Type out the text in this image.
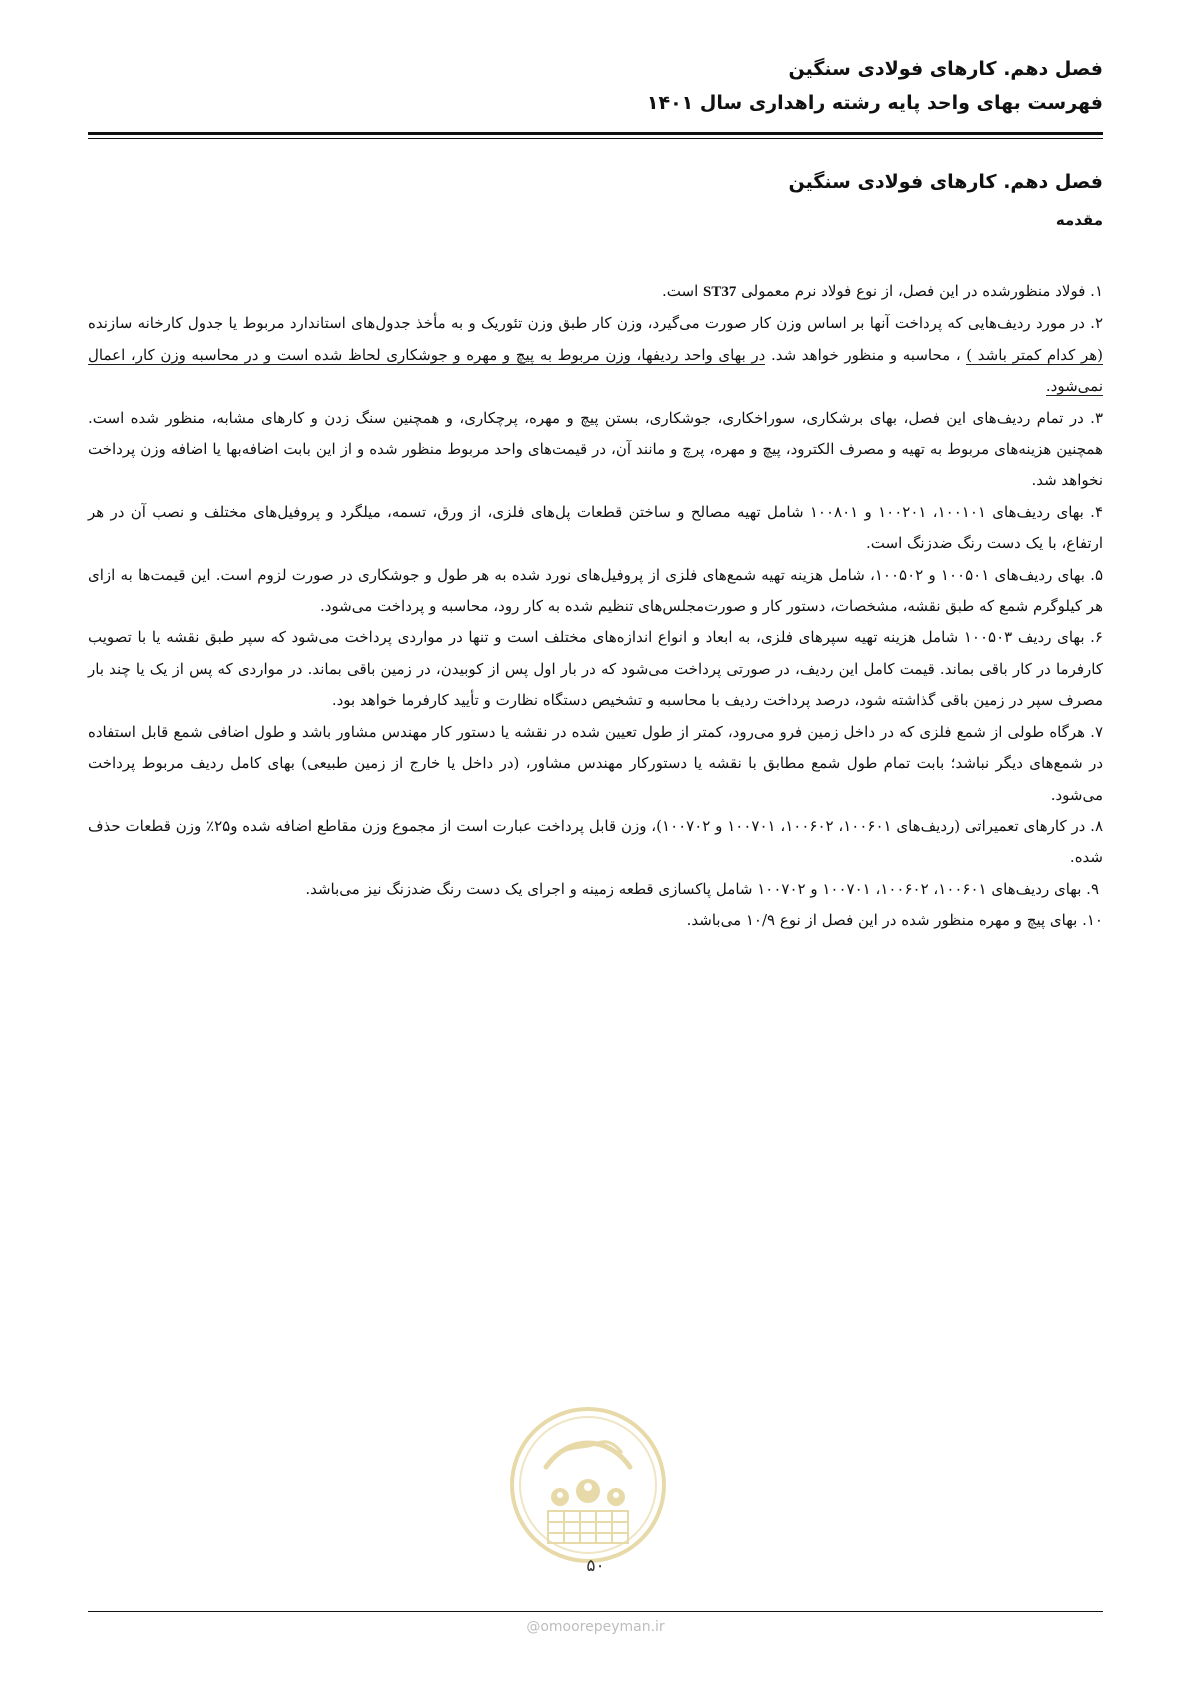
فصل دهم. کارهای فولادی سنگین
فهرست بهای واحد پایه رشته راهداری سال ۱۴۰۱
فصل دهم. کارهای فولادی سنگین
مقدمه

۱. فولاد منظورشده در این فصل، از نوع فولاد نرم معمولی ST37 است.

۲. در مورد ردیف‌هایی که پرداخت آنها بر اساس وزن کار صورت می‌گیرد، وزن کار طبق وزن تئوریک و به مأخذ جدول‌های استاندارد مربوط یا جدول کارخانه سازنده (هر کدام کمتر باشد ) ، محاسبه و منظور خواهد شد. در بهای واحد ردیفها، وزن مربوط به پیچ و مهره و جوشکاری لحاظ شده است و در محاسبه وزن کار، اعمال نمی‌شود.

۳. در تمام ردیف‌های این فصل، بهای برشکاری، سوراخکاری، جوشکاری، بستن پیچ و مهره، پرچکاری، و همچنین سنگ زدن و کارهای مشابه، منظور شده است. همچنین هزینه‌های مربوط به تهیه و مصرف الکترود، پیچ و مهره، پرچ و مانند آن، در قیمت‌های واحد مربوط منظور شده و از این بابت اضافه‌بها یا اضافه وزن پرداخت نخواهد شد.

۴. بهای ردیف‌های ۱۰۰۱۰۱، ۱۰۰۲۰۱ و ۱۰۰۸۰۱ شامل تهیه مصالح و ساختن قطعات پل‌های فلزی، از ورق، تسمه، میلگرد و پروفیل‌های مختلف و نصب آن در هر ارتفاع، با یک دست رنگ ضدزنگ است.

۵. بهای ردیف‌های ۱۰۰۵۰۱ و ۱۰۰۵۰۲، شامل هزینه تهیه شمع‌های فلزی از پروفیل‌های نورد شده به هر طول و جوشکاری در صورت لزوم است. این قیمت‌ها به ازای هر کیلوگرم شمع که طبق نقشه، مشخصات، دستور کار و صورت‌مجلس‌های تنظیم شده به کار رود، محاسبه و پرداخت می‌شود.

۶. بهای ردیف ۱۰۰۵۰۳ شامل هزینه تهیه سپرهای فلزی، به ابعاد و انواع اندازه‌های مختلف است و تنها در مواردی پرداخت می‌شود که سپر طبق نقشه یا با تصویب کارفرما در کار باقی بماند. قیمت کامل این ردیف، در صورتی پرداخت می‌شود که در بار اول پس از کوبیدن، در زمین باقی بماند. در مواردی که پس از یک یا چند بار مصرف سپر در زمین باقی گذاشته شود، درصد پرداخت ردیف با محاسبه و تشخیص دستگاه نظارت و تأیید کارفرما خواهد بود.

۷. هرگاه طولی از شمع فلزی که در داخل زمین فرو می‌رود، کمتر از طول تعیین شده در نقشه یا دستور کار مهندس مشاور باشد و طول اضافی شمع قابل استفاده در شمع‌های دیگر نباشد؛ بابت تمام طول شمع مطابق با نقشه یا دستورکار مهندس مشاور، (در داخل یا خارج از زمین طبیعی) بهای کامل ردیف مربوط پرداخت می‌شود.

۸. در کارهای تعمیراتی (ردیف‌های ۱۰۰۶۰۱، ۱۰۰۶۰۲، ۱۰۰۷۰۱ و ۱۰۰۷۰۲)، وزن قابل پرداخت عبارت است از مجموع وزن مقاطع اضافه شده و۲۵٪ وزن قطعات حذف شده.

۹. بهای ردیف‌های ۱۰۰۶۰۱، ۱۰۰۶۰۲، ۱۰۰۷۰۱ و ۱۰۰۷۰۲ شامل پاکسازی قطعه زمینه و اجرای یک دست رنگ ضدزنگ نیز می‌باشد.

۱۰. بهای پیچ و مهره منظور شده در این فصل از نوع ۱۰/۹ می‌باشد.

۵۰
@omoorepeyman.ir
